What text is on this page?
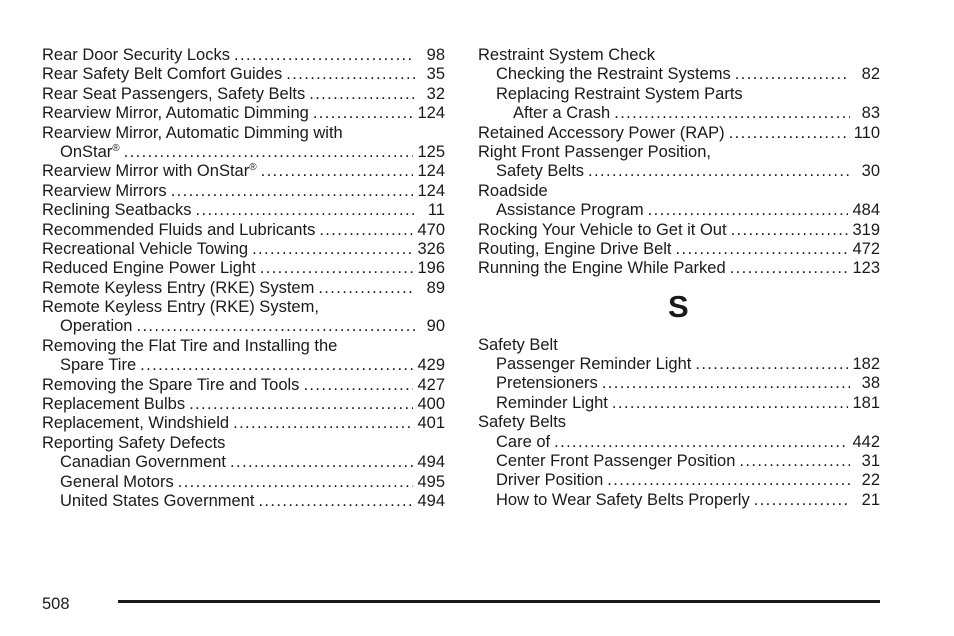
Rear Door Security Locks .....	98
Rear Safety Belt Comfort Guides .....	35
Rear Seat Passengers, Safety Belts .....	32
Rearview Mirror, Automatic Dimming .....	124
Rearview Mirror, Automatic Dimming with
OnStar® .....	125
Rearview Mirror with OnStar® .....	124
Rearview Mirrors .....	124
Reclining Seatbacks .....	11
Recommended Fluids and Lubricants .....	470
Recreational Vehicle Towing .....	326
Reduced Engine Power Light .....	196
Remote Keyless Entry (RKE) System .....	89
Remote Keyless Entry (RKE) System,
Operation .....	90
Removing the Flat Tire and Installing the
Spare Tire .....	429
Removing the Spare Tire and Tools .....	427
Replacement Bulbs .....	400
Replacement, Windshield .....	401
Reporting Safety Defects
Canadian Government .....	494
General Motors .....	495
United States Government .....	494
Restraint System Check
Checking the Restraint Systems .....	82
Replacing Restraint System Parts
After a Crash .....	83
Retained Accessory Power (RAP) .....	110
Right Front Passenger Position,
Safety Belts .....	30
Roadside
Assistance Program .....	484
Rocking Your Vehicle to Get it Out .....	319
Routing, Engine Drive Belt .....	472
Running the Engine While Parked .....	123
S
Safety Belt
Passenger Reminder Light .....	182
Pretensioners .....	38
Reminder Light .....	181
Safety Belts
Care of .....	442
Center Front Passenger Position .....	31
Driver Position .....	22
How to Wear Safety Belts Properly .....	21
508
